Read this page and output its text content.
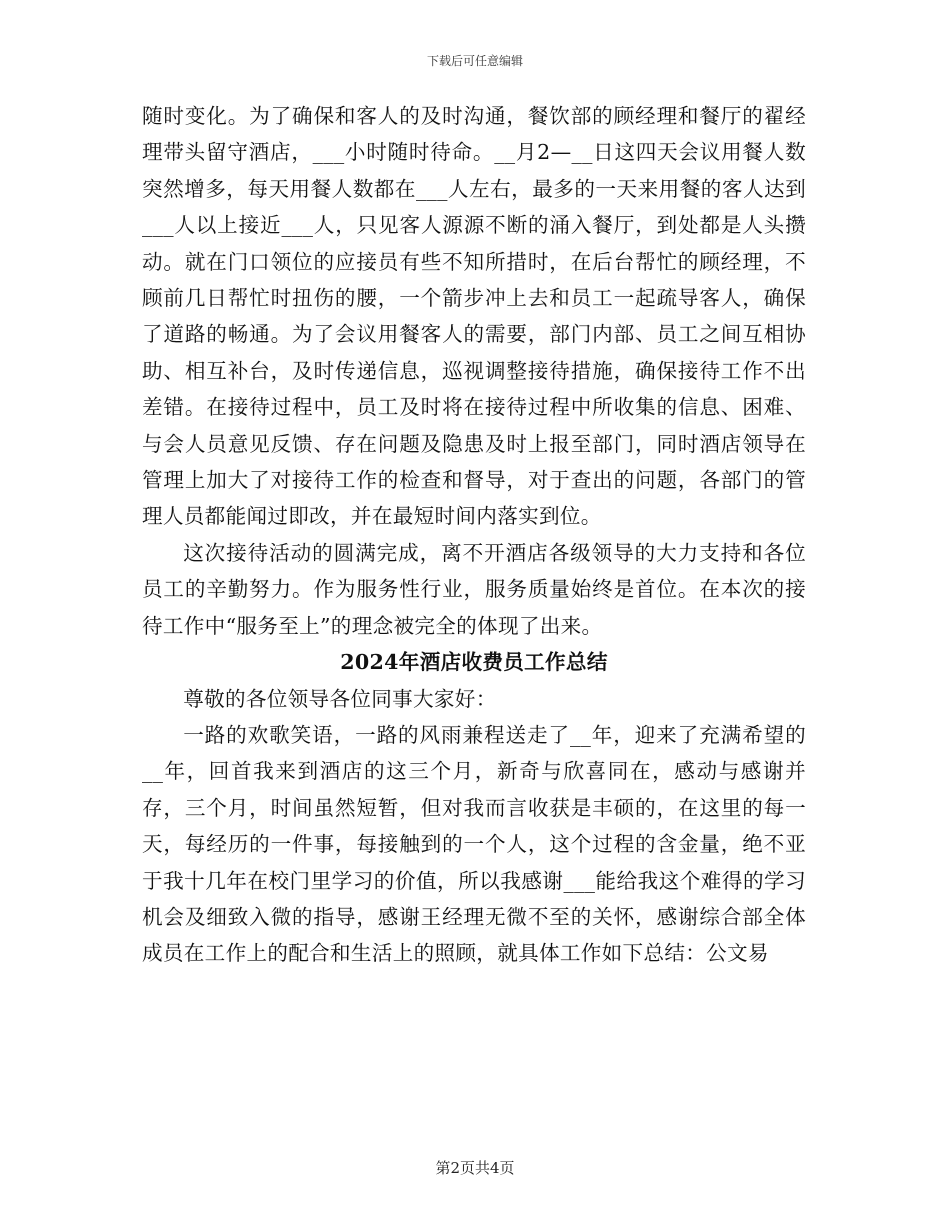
下载后可任意编辑

随时变化。为了确保和客人的及时沟通，餐饮部的顾经理和餐厅的翟经理带头留守酒店，___小时随时待命。__月2—__日这四天会议用餐人数突然增多，每天用餐人数都在___人左右，最多的一天来用餐的客人达到___人以上接近___人，只见客人源源不断的涌入餐厅，到处都是人头攒动。就在门口领位的应接员有些不知所措时，在后台帮忙的顾经理，不顾前几日帮忙时扭伤的腰，一个箭步冲上去和员工一起疏导客人，确保了道路的畅通。为了会议用餐客人的需要，部门内部、员工之间互相协助、相互补台，及时传递信息，巡视调整接待措施，确保接待工作不出差错。在接待过程中，员工及时将在接待过程中所收集的信息、困难、与会人员意见反馈、存在问题及隐患及时上报至部门，同时酒店领导在管理上加大了对接待工作的检查和督导，对于查出的问题，各部门的管理人员都能闻过即改，并在最短时间内落实到位。

这次接待活动的圆满完成，离不开酒店各级领导的大力支持和各位员工的辛勤努力。作为服务性行业，服务质量始终是首位。在本次的接待工作中“服务至上”的理念被完全的体现了出来。

2024年酒店收费员工作总结

尊敬的各位领导各位同事大家好：

一路的欢歌笑语，一路的风雨兼程送走了__年，迎来了充满希望的__年，回首我来到酒店的这三个月，新奇与欣喜同在，感动与感谢并存，三个月，时间虽然短暂，但对我而言收获是丰硕的，在这里的每一天，每经历的一件事，每接触到的一个人，这个过程的含金量，绝不亚于我十几年在校门里学习的价值，所以我感谢___能给我这个难得的学习机会及细致入微的指导，感谢王经理无微不至的关怀，感谢综合部全体成员在工作上的配合和生活上的照顾，就具体工作如下总结：公文易

第2页共4页
